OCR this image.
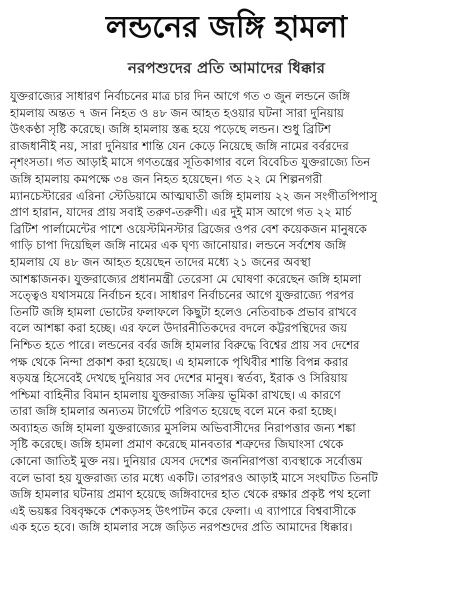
লন্ডনের জঙ্গি হামলা
নরপশুদের প্রতি আমাদের ধিক্কার
যুক্তরাজ্যের সাধারণ নির্বাচনের মাত্র চার দিন আগে গত ৩ জুন লন্ডনে জঙ্গি
হামলায় অন্তত ৭ জন নিহত ও ৪৮ জন আহত হওয়ার ঘটনা সারা দুনিয়ায়
উৎকণ্ঠা সৃষ্টি করেছে। জঙ্গি হামলায় স্তব্ধ হয়ে পড়েছে লন্ডন। শুধু ব্রিটিশ
রাজধানীই নয়, সারা দুনিয়ার শান্তি যেন কেড়ে নিয়েছে জঙ্গি নামের বর্বরদের
নৃশংসতা। গত আড়াই মাসে গণতন্ত্রের সূতিকাগার বলে বিবেচিত যুক্তরাজ্যে তিন
জঙ্গি হামলায় কমপক্ষে ৩৪ জন নিহত হয়েছেন। গত ২২ মে শিল্পনগরী
ম্যানচেস্টারের এরিনা স্টেডিয়ামে আত্মঘাতী জঙ্গি হামলায় ২২ জন সংগীতপিপাসু
প্রাণ হারান, যাদের প্রায় সবাই তরুণ-তরুণী। এর দুই মাস আগে গত ২২ মার্চ
ব্রিটিশ পার্লামেন্টের পাশে ওয়েস্টমিনস্টার ব্রিজের ওপর বেশ কয়েকজন মানুষকে
গাড়ি চাপা দিয়েছিল জঙ্গি নামের এক ঘৃণ্য জানোয়ার। লন্ডনে সর্বশেষ জঙ্গি
হামলায় যে ৪৮ জন আহত হয়েছেন তাদের মধ্যে ২১ জনের অবস্থা
আশঙ্কাজনক। যুক্তরাজ্যের প্রধানমন্ত্রী তেরেসা মে ঘোষণা করেছেন জঙ্গি হামলা
সত্ত্বেও যথাসময়ে নির্বাচন হবে। সাধারণ নির্বাচনের আগে যুক্তরাজ্যে পরপর
তিনটি জঙ্গি হামলা ভোটের ফলাফলে কিছুটা হলেও নেতিবাচক প্রভাব রাখবে
বলে আশঙ্কা করা হচ্ছে। এর ফলে উদারনীতিকদের বদলে কট্টরপন্থিদের জয়
নিশ্চিত হতে পারে। লন্ডনের বর্বর জঙ্গি হামলার বিরুদ্ধে বিশ্বের প্রায় সব দেশের
পক্ষ থেকে নিন্দা প্রকাশ করা হয়েছে। এ হামলাকে পৃথিবীর শান্তি বিপন্ন করার
ষড়যন্ত্র হিসেবেই দেখছে দুনিয়ার সব দেশের মানুষ। স্বর্তব্য, ইরাক ও সিরিয়ায়
পশ্চিমা বাহিনীর বিমান হামলায় যুক্তরাজ্য সক্রিয় ভূমিকা রাখছে। এ কারণে
তারা জঙ্গি হামলার অন্যতম টার্গেটে পরিণত হয়েছে বলে মনে করা হচ্ছে।
অব্যাহত জঙ্গি হামলা যুক্তরাজ্যের মুসলিম অভিবাসীদের নিরাপত্তার জন্য শঙ্কা
সৃষ্টি করেছে। জঙ্গি হামলা প্রমাণ করেছে মানবতার শত্রুদের জিঘাংসা থেকে
কোনো জাতিই মুক্ত নয়। দুনিয়ার যেসব দেশের জননিরাপত্তা ব্যবস্থাকে সর্বোত্তম
বলে ভাবা হয় যুক্তরাজ্য তার মধ্যে একটি। তারপরও আড়াই মাসে সংঘটিত তিনটি
জঙ্গি হামলার ঘটনায় প্রমাণ হয়েছে জঙ্গিবাদের হাত থেকে রক্ষার প্রকৃষ্ট পথ হলো
এই ভয়ঙ্কর বিষবৃক্ষকে শেকড়সহ উৎপাটন করে ফেলা। এ ব্যাপারে বিশ্ববাসীকে
এক হতে হবে। জঙ্গি হামলার সঙ্গে জড়িত নরপশুদের প্রতি আমাদের ধিক্কার।
